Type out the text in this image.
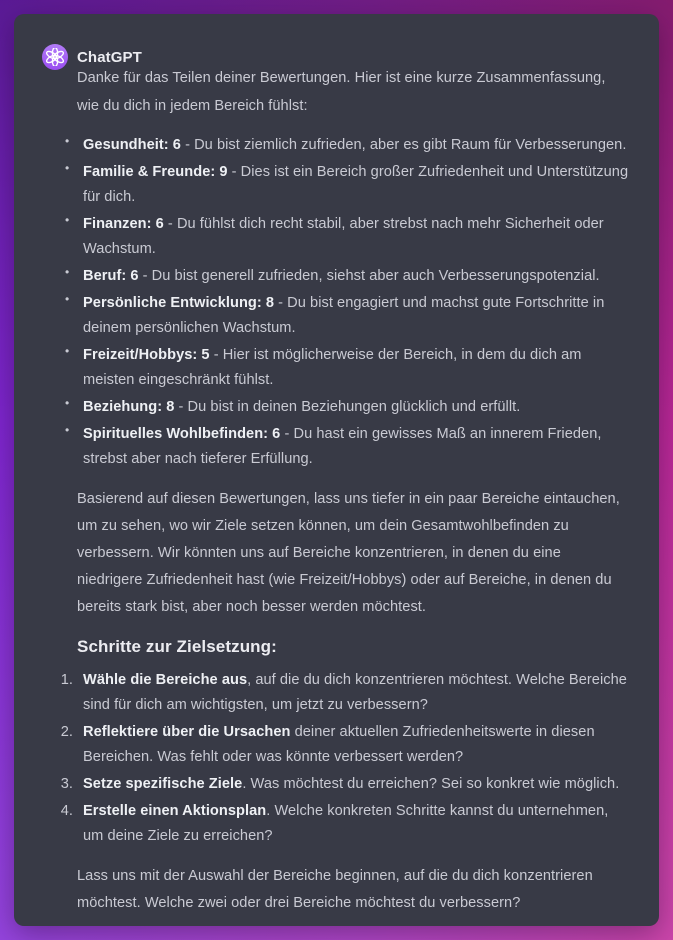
ChatGPT

Danke für das Teilen deiner Bewertungen. Hier ist eine kurze Zusammenfassung, wie du dich in jedem Bereich fühlst:

• Gesundheit: 6 - Du bist ziemlich zufrieden, aber es gibt Raum für Verbesserungen.
• Familie & Freunde: 9 - Dies ist ein Bereich großer Zufriedenheit und Unterstützung für dich.
• Finanzen: 6 - Du fühlst dich recht stabil, aber strebst nach mehr Sicherheit oder Wachstum.
• Beruf: 6 - Du bist generell zufrieden, siehst aber auch Verbesserungspotenzial.
• Persönliche Entwicklung: 8 - Du bist engagiert und machst gute Fortschritte in deinem persönlichen Wachstum.
• Freizeit/Hobbys: 5 - Hier ist möglicherweise der Bereich, in dem du dich am meisten eingeschränkt fühlst.
• Beziehung: 8 - Du bist in deinen Beziehungen glücklich und erfüllt.
• Spirituelles Wohlbefinden: 6 - Du hast ein gewisses Maß an innerem Frieden, strebst aber nach tieferer Erfüllung.

Basierend auf diesen Bewertungen, lass uns tiefer in ein paar Bereiche eintauchen, um zu sehen, wo wir Ziele setzen können, um dein Gesamtwohlbefinden zu verbessern. Wir könnten uns auf Bereiche konzentrieren, in denen du eine niedrigere Zufriedenheit hast (wie Freizeit/Hobbys) oder auf Bereiche, in denen du bereits stark bist, aber noch besser werden möchtest.

Schritte zur Zielsetzung:
Wähle die Bereiche aus, auf die du dich konzentrieren möchtest. Welche Bereiche sind für dich am wichtigsten, um jetzt zu verbessern?
Reflektiere über die Ursachen deiner aktuellen Zufriedenheitswerte in diesen Bereichen. Was fehlt oder was könnte verbessert werden?
Setze spezifische Ziele. Was möchtest du erreichen? Sei so konkret wie möglich.
Erstelle einen Aktionsplan. Welche konkreten Schritte kannst du unternehmen, um deine Ziele zu erreichen?

Lass uns mit der Auswahl der Bereiche beginnen, auf die du dich konzentrieren möchtest. Welche zwei oder drei Bereiche möchtest du verbessern?
